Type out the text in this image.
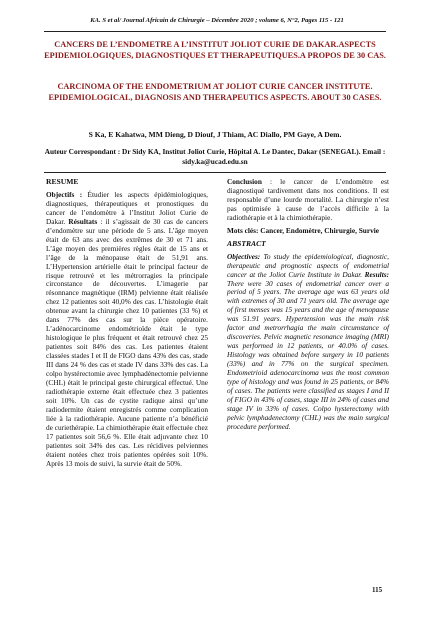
KA. S et al/ Journal Africain de Chirurgie – Décembre 2020 ; volume 6, N°2, Pages 115 - 121
CANCERS DE L’ENDOMETRE A L’INSTITUT JOLIOT CURIE DE DAKAR.ASPECTS EPIDEMIOLOGIQUES, DIAGNOSTIQUES ET THERAPEUTIQUES.A PROPOS DE 30 CAS.
CARCINOMA OF THE ENDOMETRIUM AT JOLIOT CURIE CANCER INSTITUTE. EPIDEMIOLOGICAL, DIAGNOSIS AND THERAPEUTICS ASPECTS. ABOUT 30 CASES.
S Ka, E Kahatwa, MM Dieng, D Diouf, J Thiam, AC Diallo, PM Gaye, A Dem.
Auteur Correspondant : Dr Sidy KA, Institut Joliot Curie, Hôpital A. Le Dantec, Dakar (SENEGAL). Email : sidy.ka@ucad.edu.sn
RESUME

Objectifs : Étudier les aspects épidémiologiques, diagnostiques, thérapeutiques et pronostiques du cancer de l’endomètre à l’Institut Joliot Curie de Dakar. Résultats : il s’agissait de 30 cas de cancers d’endomètre sur une période de 5 ans. L’âge moyen était de 63 ans avec des extrêmes de 30 et 71 ans. L’âge moyen des premières règles était de 15 ans et l’âge de la ménopause était de 51,91 ans. L’Hypertension artérielle était le principal facteur de risque retrouvé et les métrorragies la principale circonstance de découvertes. L’imagerie par résonnance magnétique (IRM) pelvienne était réalisée chez 12 patientes soit 40,0% des cas. L’histologie était obtenue avant la chirurgie chez 10 patientes (33 %) et dans 77% des cas sur la pièce opératoire. L’adénocarcinome endométrioïde était le type histologique le plus fréquent et était retrouvé chez 25 patientes soit 84% des cas. Les patientes étaient classées stades I et II de FIGO dans 43% des cas, stade III dans 24 % des cas et stade IV dans 33% des cas. La colpo hystérectomie avec lymphadénectomie pelvienne (CHL) était le principal geste chirurgical effectué. Une radiothérapie externe était effectuée chez 3 patientes soit 10%. Un cas de cystite radique ainsi qu’une radiodermite étaient enregistrés comme complication liée à la radiothérapie. Aucune patiente n’a bénéficié de curiethérapie. La chimiothérapie était effectuée chez 17 patientes soit 56,6 %. Elle était adjuvante chez 10 patientes soit 34% des cas. Les récidives pelviennes étaient notées chez trois patientes opérées soit 10%. Après 13 mois de suivi, la survie était de 50%.

Conclusion : le cancer de L’endomètre est diagnostiqué tardivement dans nos conditions. Il est responsable d’une lourde mortalité. La chirurgie n’est pas optimisée à cause de l’accès difficile à la radiothérapie et à la chimiothérapie.

Mots clés: Cancer, Endomètre, Chirurgie, Survie
ABSTRACT

Objectives: To study the epidemiological, diagnostic, therapeutic and prognostic aspects of endometrial cancer at the Joliot Curie Institute in Dakar. Results: There were 30 cases of endometrial cancer over a period of 5 years. The average age was 63 years old with extremes of 30 and 71 years old. The average age of first menses was 15 years and the age of menopause was 51.91 years. Hypertension was the main risk factor and metrorrhagia the main circumstance of discoveries. Pelvic magnetic resonance imaging (MRI) was performed in 12 patients, or 40.0% of cases. Histology was obtained before surgery in 10 patients (33%) and in 77% on the surgical specimen. Endometrioid adenocarcinoma was the most common type of histology and was found in 25 patients, or 84% of cases. The patients were classified as stages I and II of FIGO in 43% of cases, stage III in 24% of cases and stage IV in 33% of cases. Colpo hysterectomy with pelvic lymphadenectomy (CHL) was the main surgical procedure performed.

115
